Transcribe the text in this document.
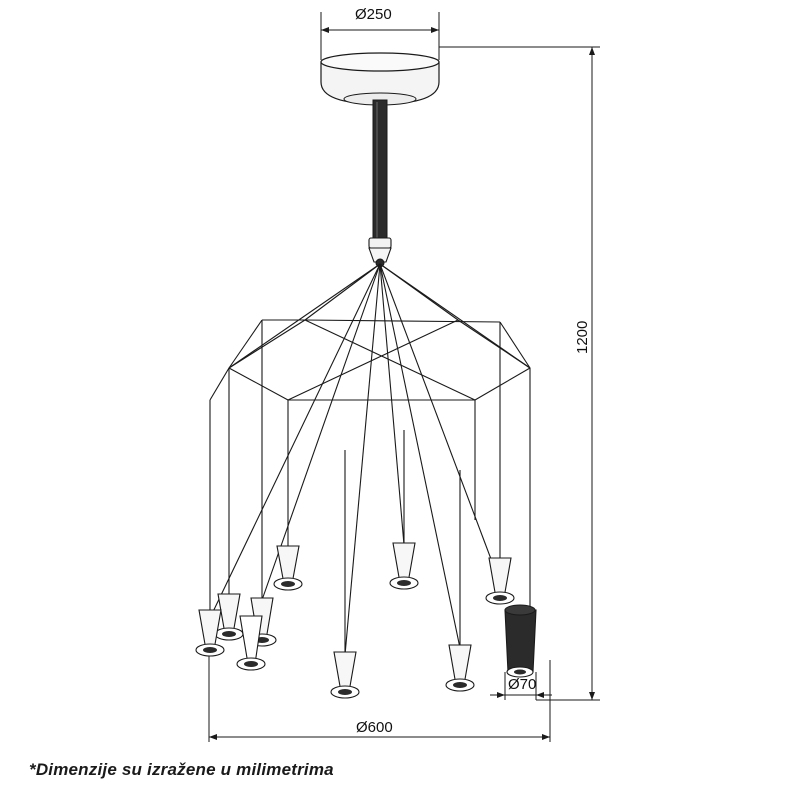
Ø250
Ø600
Ø70
1200
*Dimenzije su izražene u milimetrima
